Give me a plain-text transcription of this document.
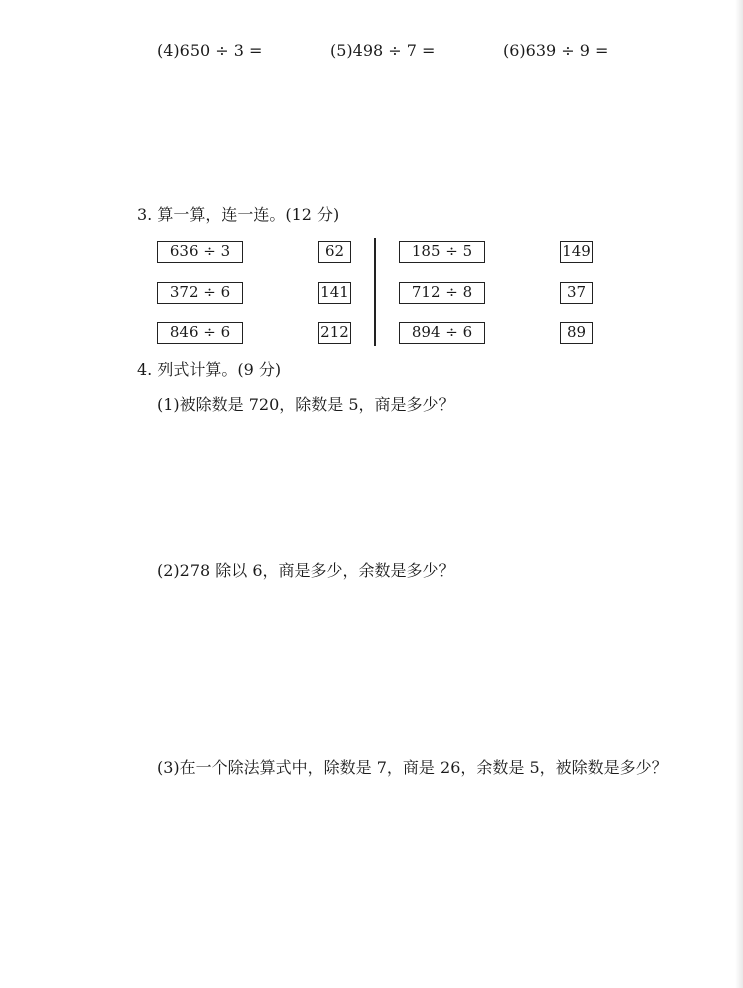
(4)650 ÷ 3 =	(5)498 ÷ 7 =	(6)639 ÷ 9 =
3. 算一算，连一连。(12 分)
636 ÷ 3
372 ÷ 6
846 ÷ 6
62
141
212
185 ÷ 5
712 ÷ 8
894 ÷ 6
149
37
89
4. 列式计算。(9 分)
(1)被除数是 720，除数是 5，商是多少？
(2)278 除以 6，商是多少，余数是多少？
(3)在一个除法算式中，除数是 7，商是 26，余数是 5，被除数是多少？
